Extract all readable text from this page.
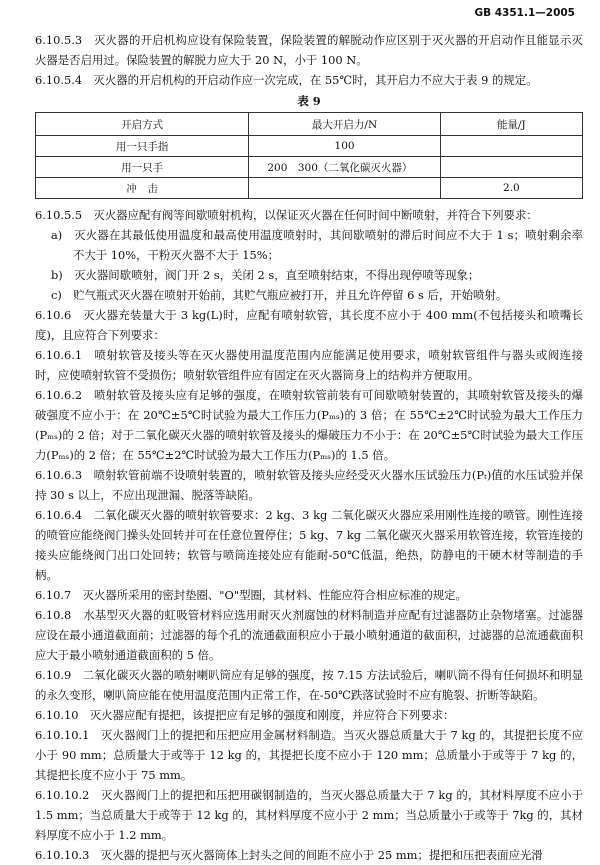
GB 4351.1—2005

6.10.5.3　灭火器的开启机构应设有保险装置，保险装置的解脱动作应区别于灭火器的开启动作且能显示灭火器是否启用过。保险装置的解脱力应大于 20 N，小于 100 N。

6.10.5.4　灭火器的开启机构的开启动作应一次完成，在 55℃时，其开启力不应大于表 9 的规定。

表 9
开启方式	最大开启力/N	能量/J
用一只手指	100	
用一只手	200　300（二氧化碳灭火器）	
冲　击		2.0

6.10.5.5　灭火器应配有阀等间歇喷射机构，以保证灭火器在任何时间中断喷射，并符合下列要求：

a)　灭火器在其最低使用温度和最高使用温度喷射时，其间歇喷射的滞后时间应不大于 1 s；喷射剩余率不大于 10%，干粉灭火器不大于 15%；

b)　灭火器间歇喷射，阀门开 2 s，关闭 2 s，直至喷射结束，不得出现停喷等现象；

c)　贮气瓶式灭火器在喷射开始前，其贮气瓶应被打开，并且允许停留 6 s 后，开始喷射。

6.10.6　灭火器充装量大于 3 kg(L)时，应配有喷射软管，其长度不应小于 400 mm(不包括接头和喷嘴长度)，且应符合下列要求：

6.10.6.1　喷射软管及接头等在灭火器使用温度范围内应能满足使用要求，喷射软管组件与器头或阀连接时，应使喷射软管不受损伤；喷射软管组件应有固定在灭火器筒身上的结构并方便取用。

6.10.6.2　喷射软管及接头应有足够的强度，在喷射软管前装有可间歇喷射装置的，其喷射软管及接头的爆破强度不应小于：在 20℃±5℃时试验为最大工作压力(Pₘₛ)的 3 倍；在 55℃±2℃时试验为最大工作压力(Pₘₛ)的 2 倍；对于二氧化碳灭火器的喷射软管及接头的爆破压力不小于：在 20℃±5℃时试验为最大工作压力(Pₘₛ)的 2 倍；在 55℃±2℃时试验为最大工作压力(Pₘₛ)的 1.5 倍。

6.10.6.3　喷射软管前端不设喷射装置的，喷射软管及接头应经受灭火器水压试验压力(Pₜ)值的水压试验并保持 30 s 以上，不应出现泄漏、脱落等缺陷。

6.10.6.4　二氧化碳灭火器的喷射软管要求：2 kg、3 kg 二氧化碳灭火器应采用刚性连接的喷管。刚性连接的喷管应能绕阀门操头处回转并可在任意位置停住；5 kg、7 kg 二氧化碳灭火器采用软管连接，软管连接的接头应能绕阀门出口处回转；软管与喷筒连接处应有能耐-50℃低温，绝热，防静电的干硬木材等制造的手柄。

6.10.7　灭火器所采用的密封垫圈、"O"型圈，其材料、性能应符合相应标准的规定。

6.10.8　水基型灭火器的虹吸管材料应选用耐灭火剂腐蚀的材料制造并应配有过滤器防止杂物堵塞。过滤器应设在最小通道截面前；过滤器的每个孔的流通截面积应小于最小喷射通道的截面积，过滤器的总流通截面积应大于最小喷射通道截面积的 5 倍。

6.10.9　二氧化碳灭火器的喷射喇叭筒应有足够的强度，按 7.15 方法试验后，喇叭筒不得有任何损坏和明显的永久变形，喇叭筒应能在使用温度范围内正常工作，在-50℃跌落试验时不应有脆裂、折断等缺陷。

6.10.10　灭火器应配有提把，该提把应有足够的强度和刚度，并应符合下列要求：

6.10.10.1　灭火器阀门上的提把和压把应用金属材料制造。当灭火器总质量大于 7 kg 的，其提把长度不应小于 90 mm；总质量大于或等于 12 kg 的，其提把长度不应小于 120 mm；总质量小于或等于 7 kg 的，其提把长度不应小于 75 mm。

6.10.10.2　灭火器阀门上的提把和压把用碳钢制造的，当灭火器总质量大于 7 kg 的，其材料厚度不应小于 1.5 mm；当总质量大于或等于 12 kg 的，其材料厚度不应小于 2 mm；当总质量小于或等于 7kg 的，其材料厚度不应小于 1.2 mm。

6.10.10.3　灭火器的提把与灭火器筒体上封头之间的间距不应小于 25 mm；提把和压把表面应光滑
